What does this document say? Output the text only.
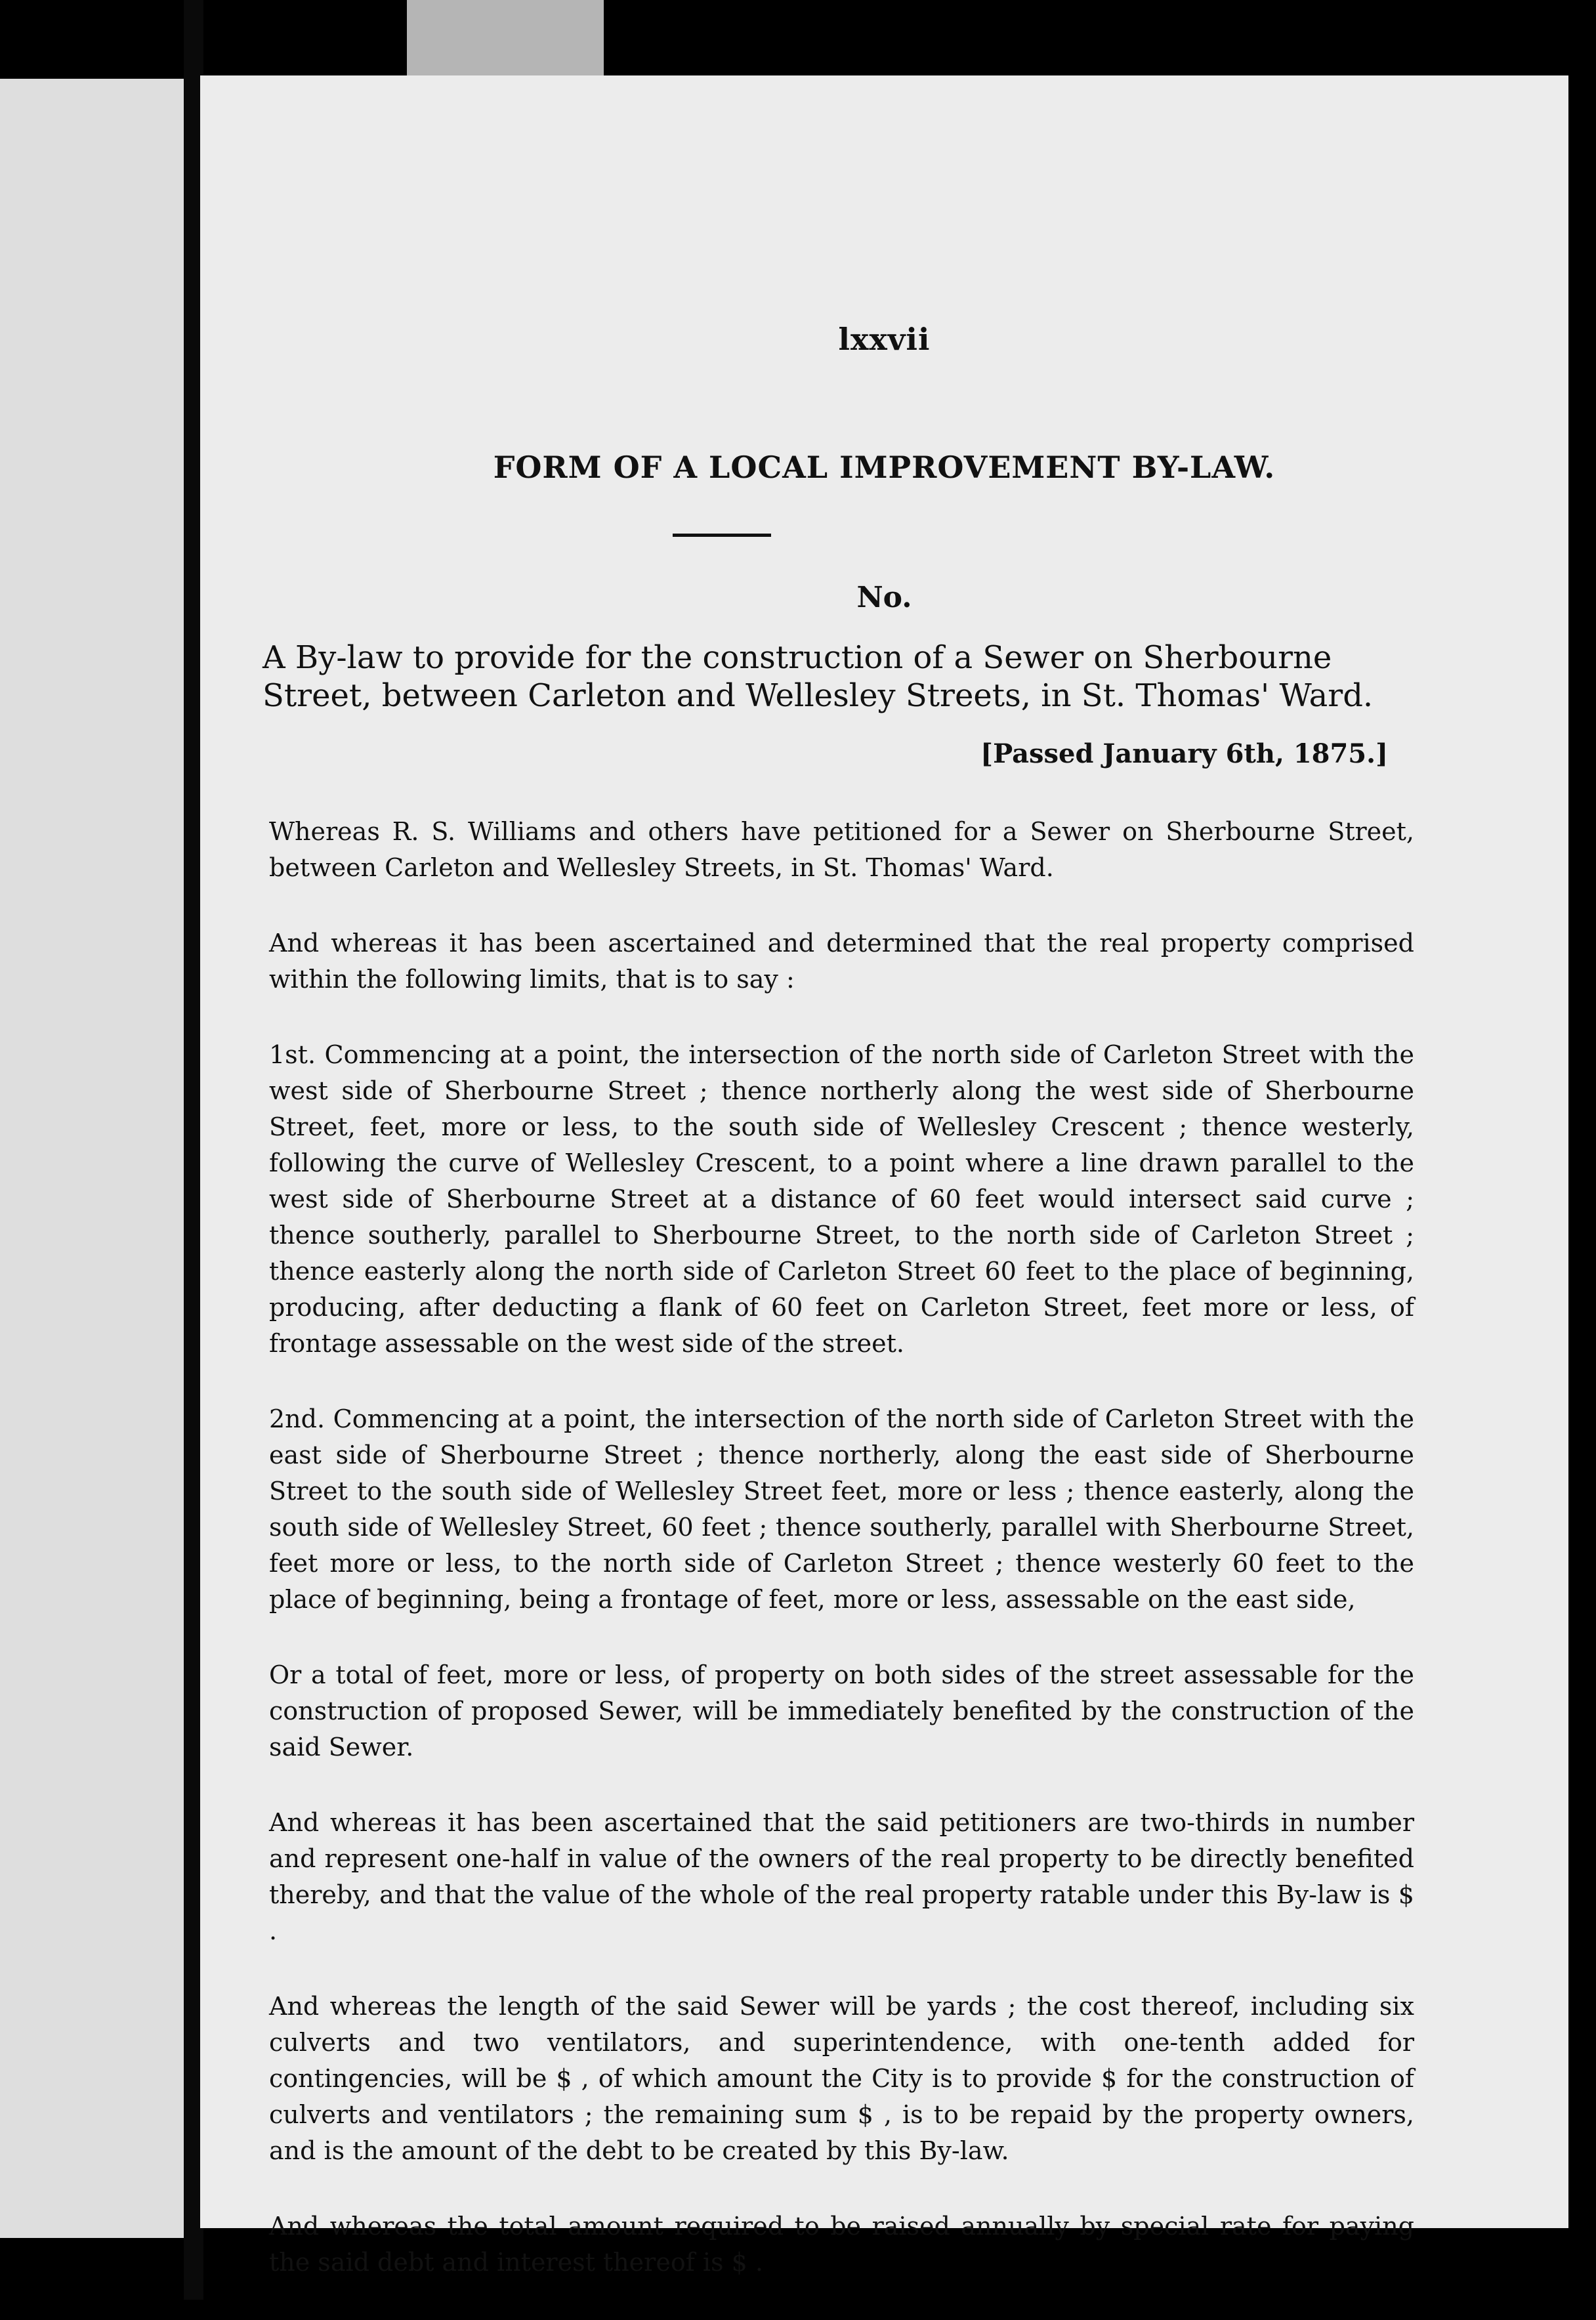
lxxvii
FORM OF A LOCAL IMPROVEMENT BY-LAW.
No.
A By-law to provide for the construction of a Sewer on Sherbourne Street, between Carleton and Wellesley Streets, in St. Thomas' Ward.
[Passed January 6th, 1875.]

Whereas R. S. Williams and others have petitioned for a Sewer on Sherbourne Street, between Carleton and Wellesley Streets, in St. Thomas' Ward.

And whereas it has been ascertained and determined that the real property comprised within the following limits, that is to say :

1st. Commencing at a point, the intersection of the north side of Carleton Street with the west side of Sherbourne Street ; thence northerly along the west side of Sherbourne Street, feet, more or less, to the south side of Wellesley Crescent ; thence westerly, following the curve of Wellesley Crescent, to a point where a line drawn parallel to the west side of Sherbourne Street at a distance of 60 feet would intersect said curve ; thence southerly, parallel to Sherbourne Street, to the north side of Carleton Street ; thence easterly along the north side of Carleton Street 60 feet to the place of beginning, producing, after deducting a flank of 60 feet on Carleton Street, feet more or less, of frontage assessable on the west side of the street.

2nd. Commencing at a point, the intersection of the north side of Carleton Street with the east side of Sherbourne Street ; thence northerly, along the east side of Sherbourne Street to the south side of Wellesley Street feet, more or less ; thence easterly, along the south side of Wellesley Street, 60 feet ; thence southerly, parallel with Sherbourne Street, feet more or less, to the north side of Carleton Street ; thence westerly 60 feet to the place of beginning, being a frontage of feet, more or less, assessable on the east side,

Or a total of feet, more or less, of property on both sides of the street assessable for the construction of proposed Sewer, will be immediately benefited by the construction of the said Sewer.

And whereas it has been ascertained that the said petitioners are two-thirds in number and represent one-half in value of the owners of the real property to be directly benefited thereby, and that the value of the whole of the real property ratable under this By-law is $ .

And whereas the length of the said Sewer will be yards ; the cost thereof, including six culverts and two ventilators, and superintendence, with one-tenth added for contingencies, will be $ , of which amount the City is to provide $ for the construction of culverts and ventilators ; the remaining sum $ , is to be repaid by the property owners, and is the amount of the debt to be created by this By-law.

And whereas the total amount required to be raised annually by special rate for paying the said debt and interest thereof is $ .
